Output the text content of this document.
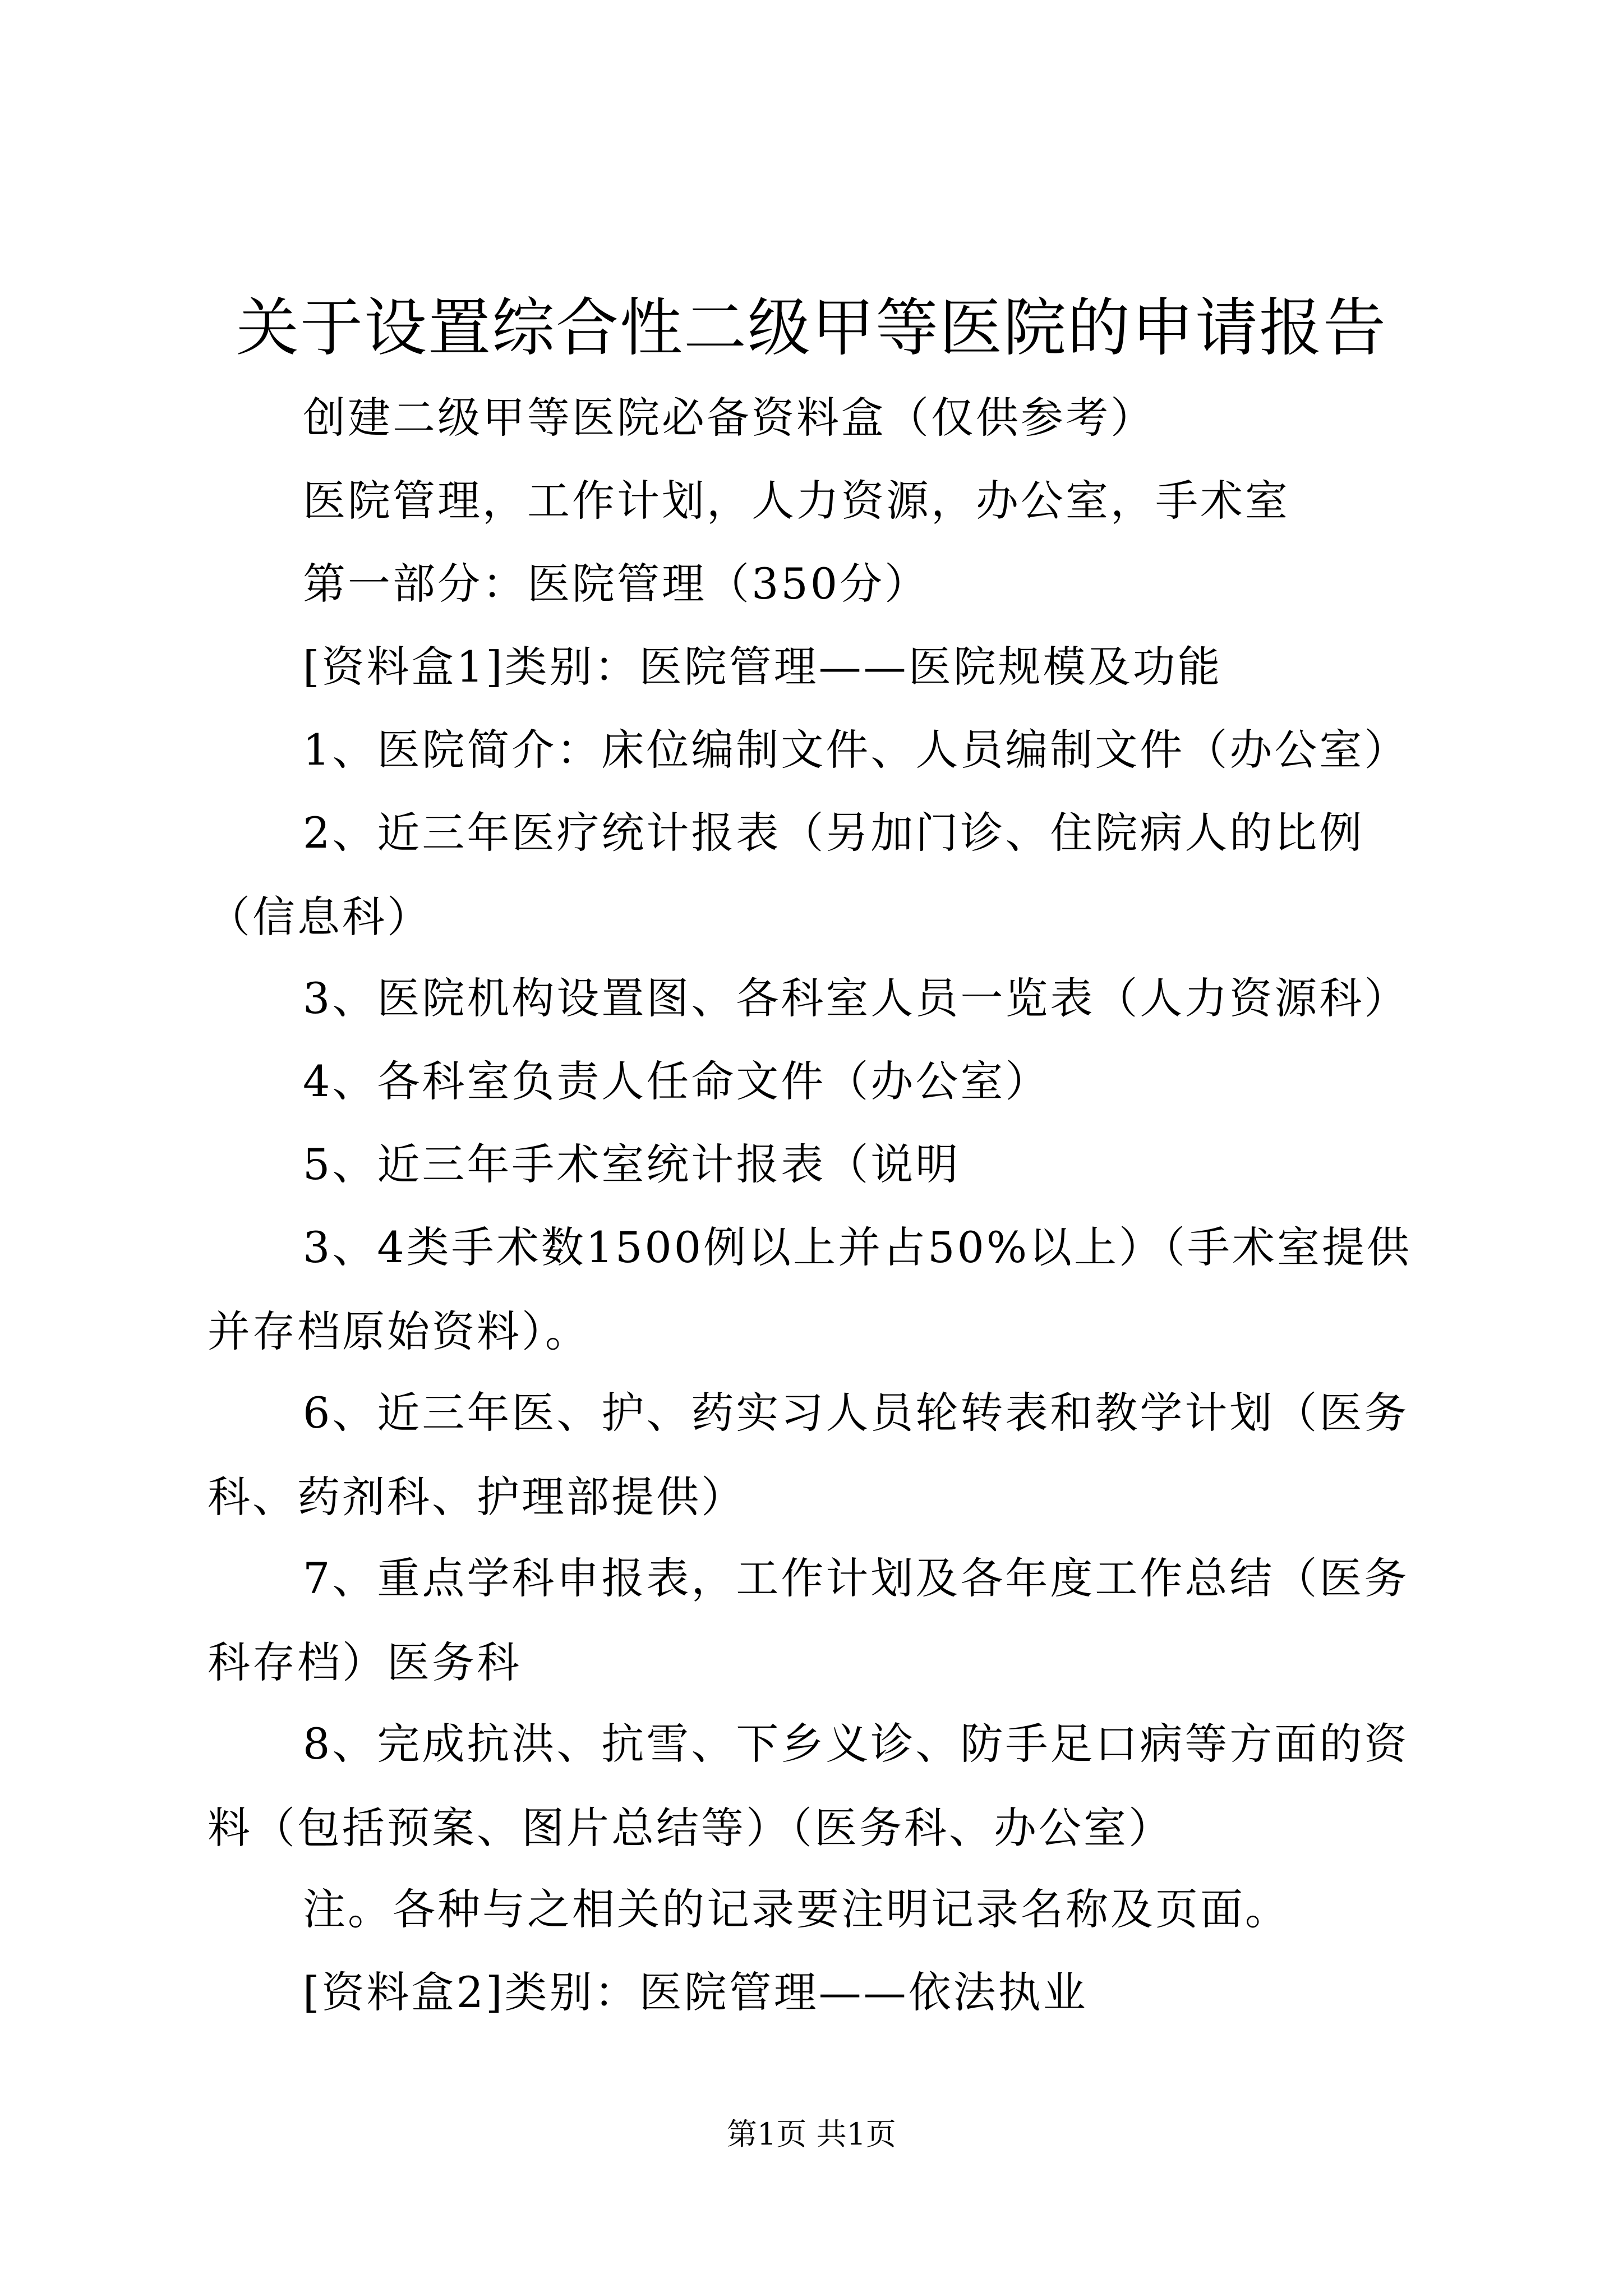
关于设置综合性二级甲等医院的申请报告

创建二级甲等医院必备资料盒（仅供参考）

医院管理，工作计划，人力资源，办公室，手术室

第一部分：医院管理（350分）

[资料盒1]类别：医院管理——医院规模及功能

1、医院简介：床位编制文件、人员编制文件（办公室）

2、近三年医疗统计报表（另加门诊、住院病人的比例（信息科）

3、医院机构设置图、各科室人员一览表（人力资源科）

4、各科室负责人任命文件（办公室）

5、近三年手术室统计报表（说明

3、4类手术数1500例以上并占50%以上）（手术室提供并存档原始资料）。

6、近三年医、护、药实习人员轮转表和教学计划（医务科、药剂科、护理部提供）

7、重点学科申报表，工作计划及各年度工作总结（医务科存档）医务科

8、完成抗洪、抗雪、下乡义诊、防手足口病等方面的资料（包括预案、图片总结等）（医务科、办公室）

注。各种与之相关的记录要注明记录名称及页面。

[资料盒2]类别：医院管理——依法执业

第1页 共1页
